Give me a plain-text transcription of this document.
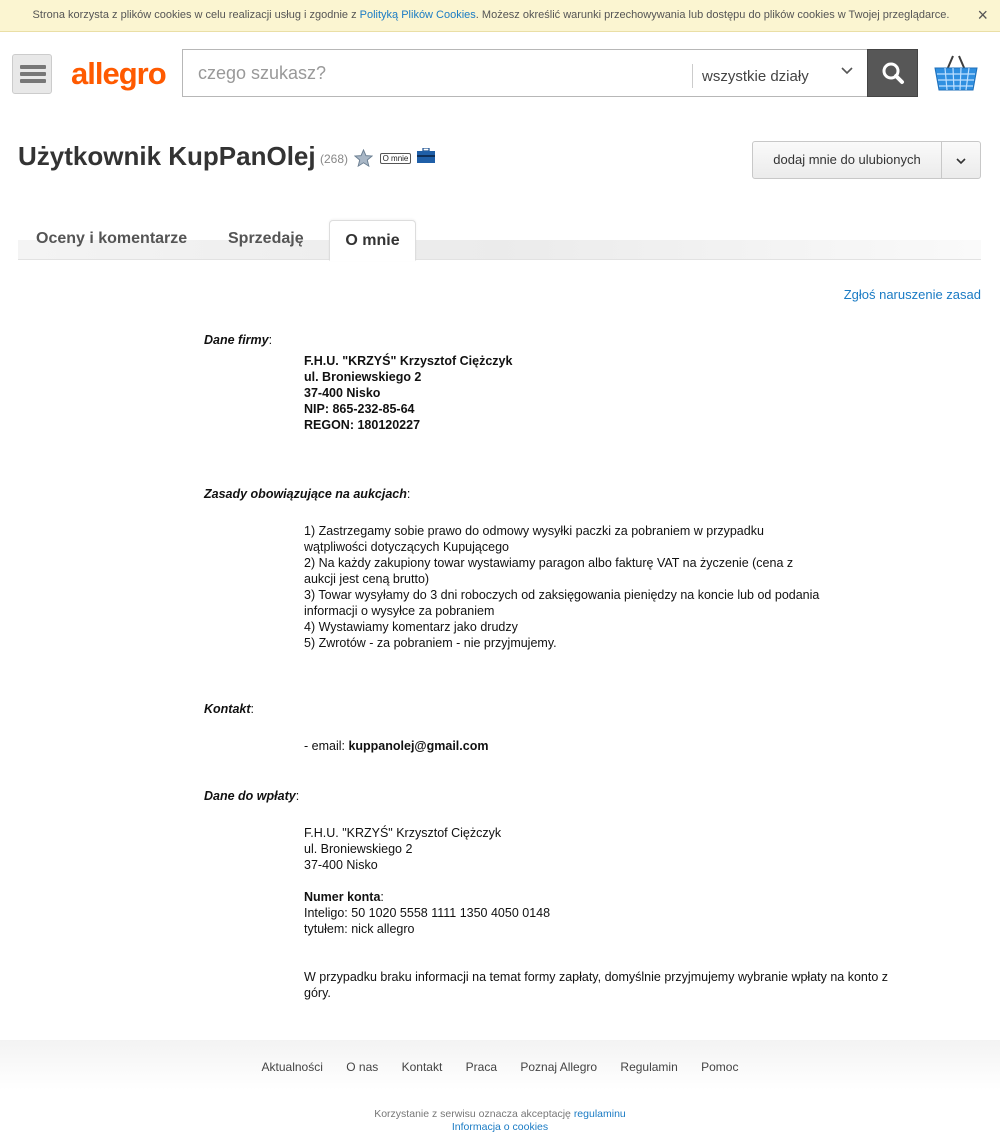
Strona korzysta z plików cookies w celu realizacji usług i zgodnie z Polityką Plików Cookies. Możesz określić warunki przechowywania lub dostępu do plików cookies w Twojej przeglądarce.	×
allegro
czego szukasz?	wszystkie działy
Użytkownik KupPanOlej (268)	O mnie	dodaj mnie do ulubionych
Oceny i komentarze	Sprzedaję	O mnie
Zgłoś naruszenie zasad
Dane firmy:
F.H.U. "KRZYŚ" Krzysztof Ciężczyk
ul. Broniewskiego 2
37-400 Nisko
NIP: 865-232-85-64
REGON: 180120227
Zasady obowiązujące na aukcjach:
1) Zastrzegamy sobie prawo do odmowy wysyłki paczki za pobraniem w przypadku
wątpliwości dotyczących Kupującego
2) Na każdy zakupiony towar wystawiamy paragon albo fakturę VAT na życzenie (cena z
aukcji jest ceną brutto)
3) Towar wysyłamy do 3 dni roboczych od zaksięgowania pieniędzy na koncie lub od podania
informacji o wysyłce za pobraniem
4) Wystawiamy komentarz jako drudzy
5) Zwrotów - za pobraniem - nie przyjmujemy.
Kontakt:
- email: kuppanolej@gmail.com
Dane do wpłaty:
F.H.U. "KRZYŚ" Krzysztof Ciężczyk
ul. Broniewskiego 2
37-400 Nisko
Numer konta:
Inteligo: 50 1020 5558 1111 1350 4050 0148
tytułem: nick allegro
W przypadku braku informacji na temat formy zapłaty, domyślnie przyjmujemy wybranie wpłaty na konto z
góry.
Aktualności O nas Kontakt Praca Poznaj Allegro Regulamin Pomoc
Korzystanie z serwisu oznacza akceptację regulaminu
Informacja o cookies
